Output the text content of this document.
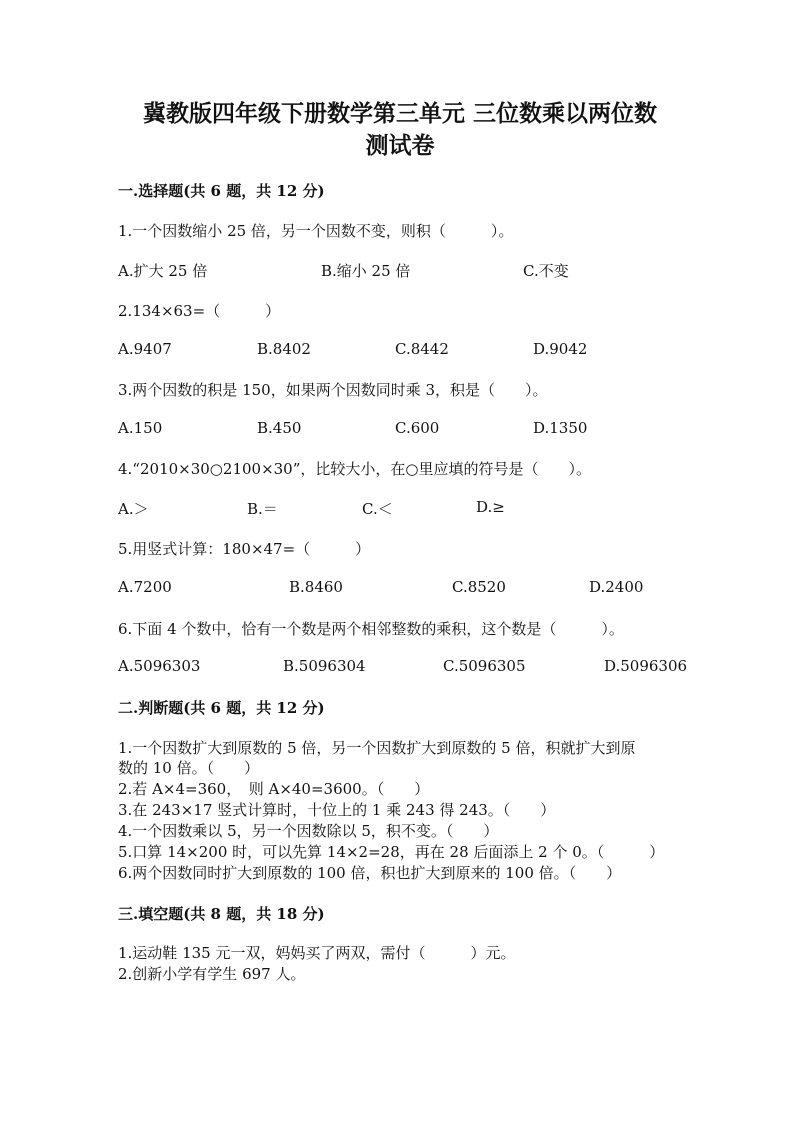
冀教版四年级下册数学第三单元 三位数乘以两位数
测试卷
一.选择题(共 6 题，共 12 分)
1.一个因数缩小 25 倍，另一个因数不变，则积（　　　）。
A.扩大 25 倍	B.缩小 25 倍	C.不变
2.134×63=（　　　）
A.9407	B.8402	C.8442	D.9042
3.两个因数的积是 150，如果两个因数同时乘 3，积是（　　）。
A.150	B.450	C.600	D.1350
4.“2010×30○2100×30”，比较大小，在○里应填的符号是（　　）。
A.＞	B.＝	C.＜	D.≥
5.用竖式计算：180×47=（　　　）
A.7200	B.8460	C.8520	D.2400
6.下面 4 个数中，恰有一个数是两个相邻整数的乘积，这个数是（　　　）。
A.5096303	B.5096304	C.5096305	D.5096306
二.判断题(共 6 题，共 12 分)
1.一个因数扩大到原数的 5 倍，另一个因数扩大到原数的 5 倍，积就扩大到原
数的 10 倍。（　　）
2.若 A×4=360，　则 A×40=3600。（　　）
3.在 243×17 竖式计算时，十位上的 1 乘 243 得 243。（　　）
4.一个因数乘以 5，另一个因数除以 5，积不变。（　　）
5.口算 14×200 时，可以先算 14×2=28，再在 28 后面添上 2 个 0。（　　　）
6.两个因数同时扩大到原数的 100 倍，积也扩大到原来的 100 倍。（　　）
三.填空题(共 8 题，共 18 分)
1.运动鞋 135 元一双，妈妈买了两双，需付（　　　）元。
2.创新小学有学生 697 人。
